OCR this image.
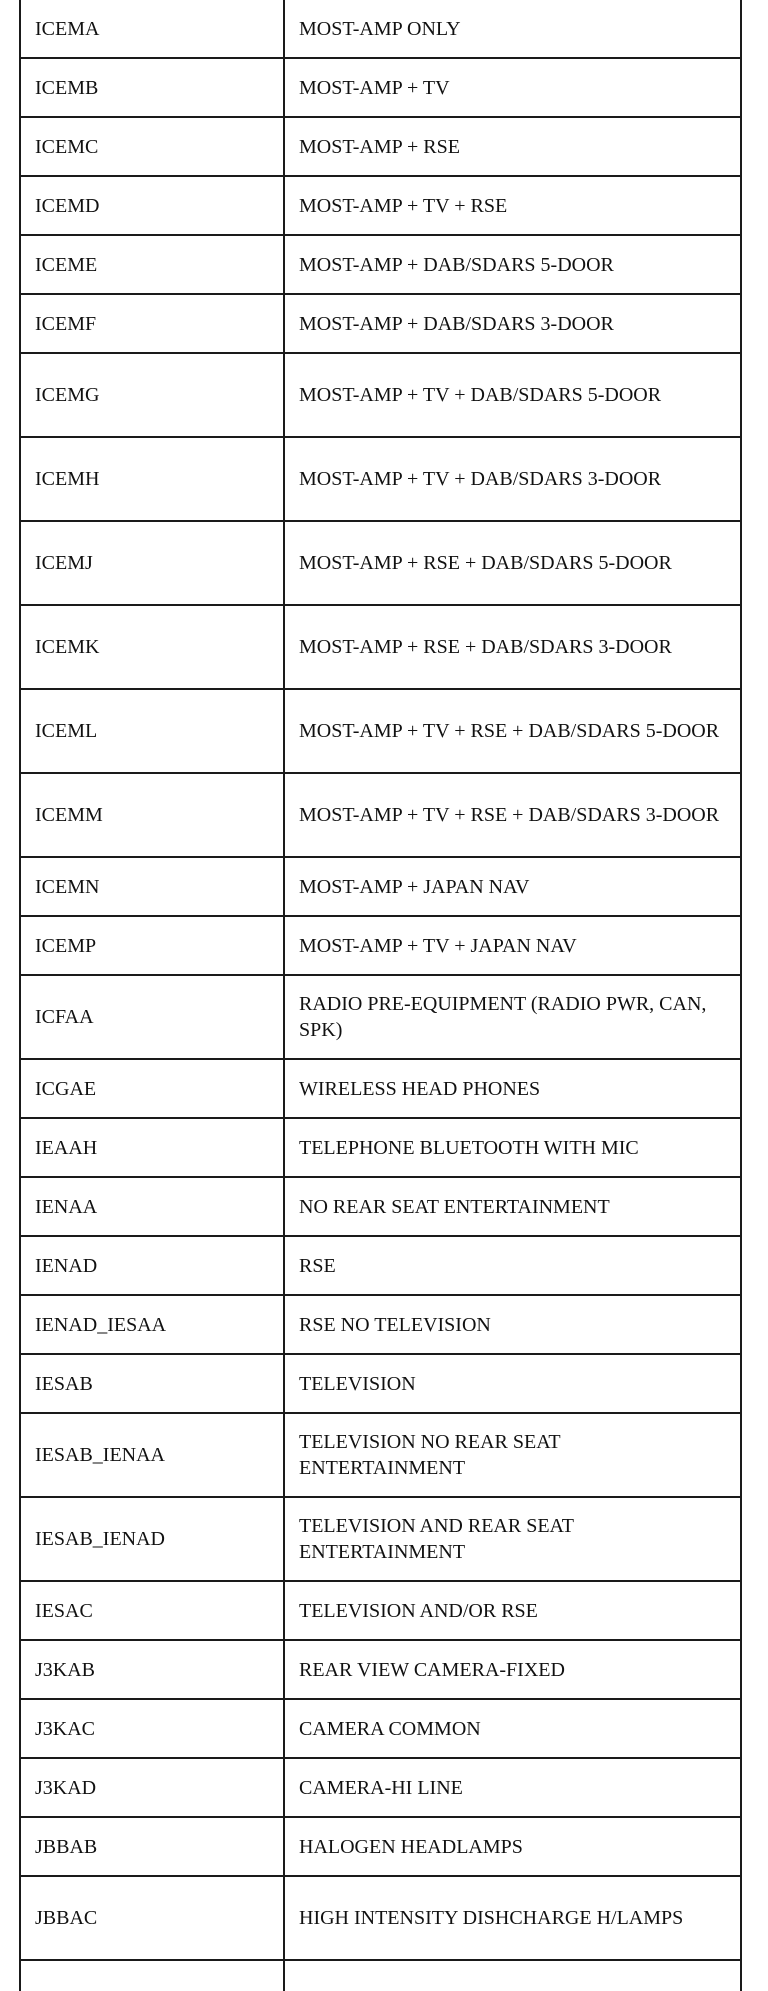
ICEMA	MOST-AMP ONLY
ICEMB	MOST-AMP + TV
ICEMC	MOST-AMP + RSE
ICEMD	MOST-AMP + TV + RSE
ICEME	MOST-AMP + DAB/SDARS 5-DOOR
ICEMF	MOST-AMP + DAB/SDARS 3-DOOR
ICEMG	MOST-AMP + TV + DAB/SDARS 5-DOOR
ICEMH	MOST-AMP + TV + DAB/SDARS 3-DOOR
ICEMJ	MOST-AMP + RSE + DAB/SDARS 5-DOOR
ICEMK	MOST-AMP + RSE + DAB/SDARS 3-DOOR
ICEML	MOST-AMP + TV + RSE + DAB/SDARS 5-DOOR
ICEMM	MOST-AMP + TV + RSE + DAB/SDARS 3-DOOR
ICEMN	MOST-AMP + JAPAN NAV
ICEMP	MOST-AMP + TV + JAPAN NAV
ICFAA	RADIO PRE-EQUIPMENT (RADIO PWR, CAN, SPK)
ICGAE	WIRELESS HEAD PHONES
IEAAH	TELEPHONE BLUETOOTH WITH MIC
IENAA	NO REAR SEAT ENTERTAINMENT
IENAD	RSE
IENAD_IESAA	RSE NO TELEVISION
IESAB	TELEVISION
IESAB_IENAA	TELEVISION NO REAR SEAT ENTERTAINMENT
IESAB_IENAD	TELEVISION AND REAR SEAT ENTERTAINMENT
IESAC	TELEVISION AND/OR RSE
J3KAB	REAR VIEW CAMERA-FIXED
J3KAC	CAMERA COMMON
J3KAD	CAMERA-HI LINE
JBBAB	HALOGEN HEADLAMPS
JBBAC	HIGH INTENSITY DISHCHARGE H/LAMPS
